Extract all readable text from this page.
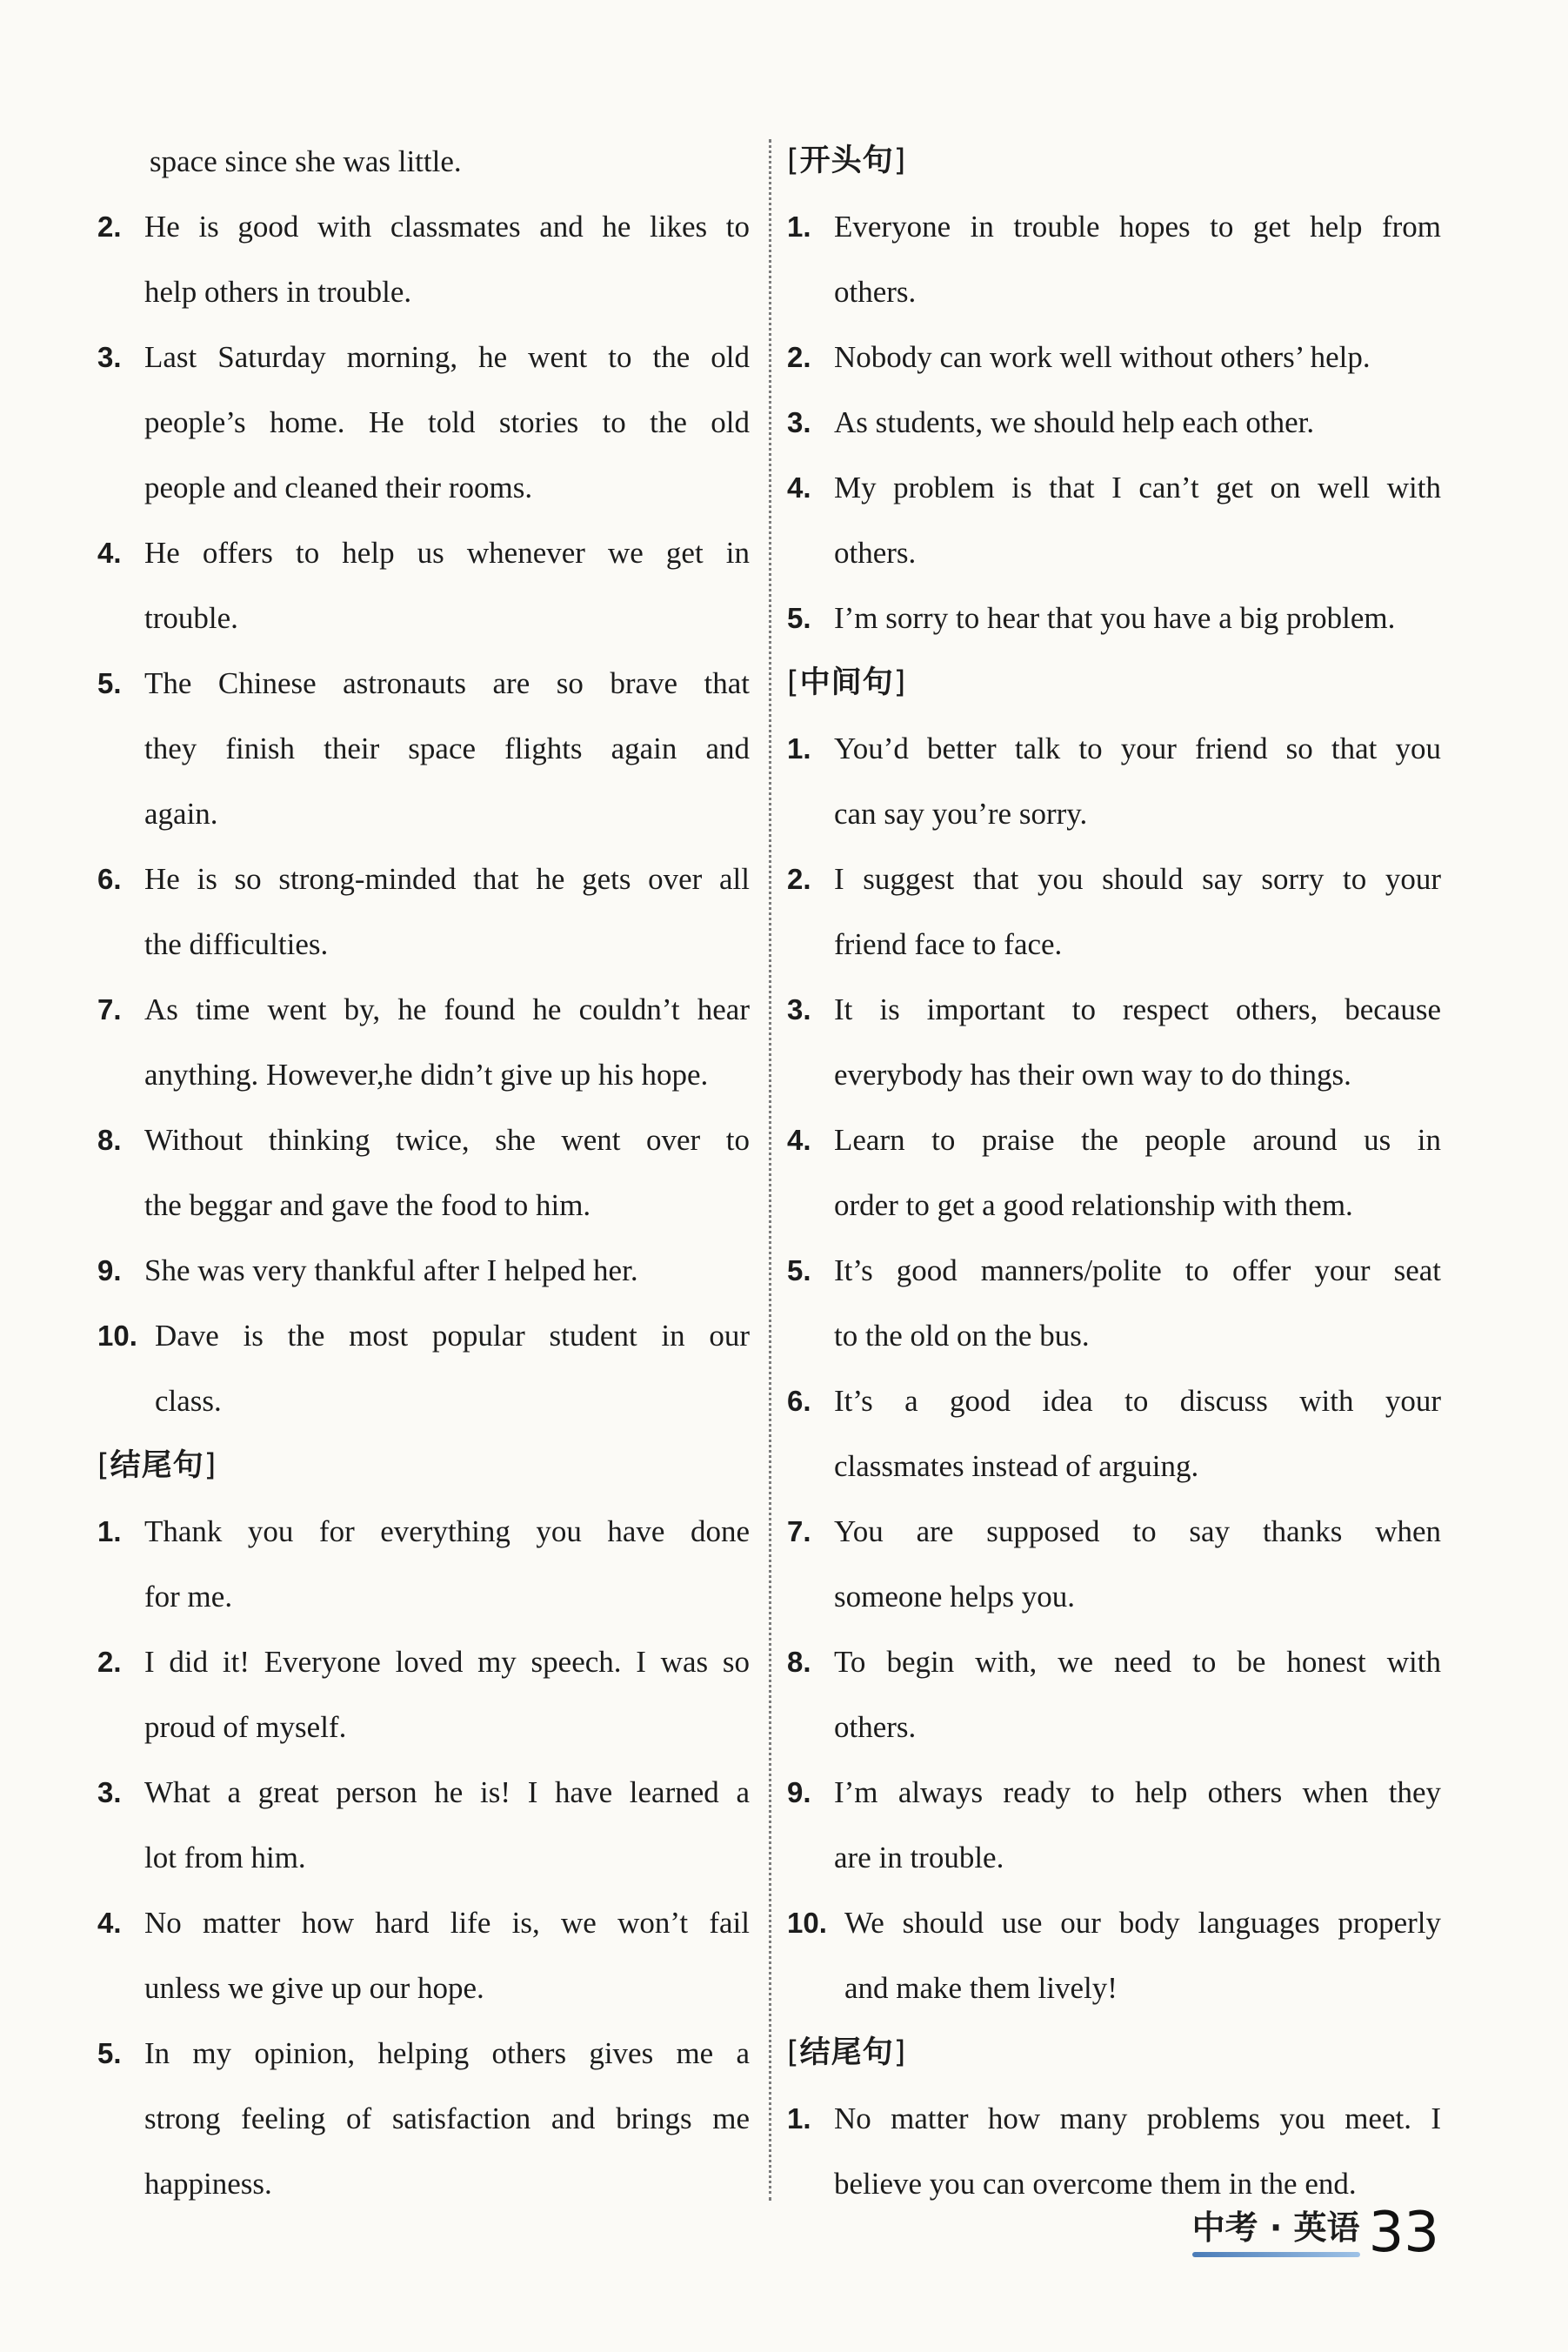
space since she was little.
2. He is good with classmates and he likes to
help others in trouble.
3. Last Saturday morning, he went to the old
people’s home. He told stories to the old
people and cleaned their rooms.
4. He offers to help us whenever we get in
trouble.
5. The Chinese astronauts are so brave that
they finish their space flights again and
again.
6. He is so strong-minded that he gets over all
the difficulties.
7. As time went by, he found he couldn’t hear
anything. However,he didn’t give up his hope.
8. Without thinking twice, she went over to
the beggar and gave the food to him.
9. She was very thankful after I helped her.
10. Dave is the most popular student in our
class.
[结尾句]
1. Thank you for everything you have done
for me.
2. I did it! Everyone loved my speech. I was so
proud of myself.
3. What a great person he is! I have learned a
lot from him.
4. No matter how hard life is, we won’t fail
unless we give up our hope.
5. In my opinion, helping others gives me a
strong feeling of satisfaction and brings me
happiness.
[开头句]
1. Everyone in trouble hopes to get help from
others.
2. Nobody can work well without others’ help.
3. As students, we should help each other.
4. My problem is that I can’t get on well with
others.
5. I’m sorry to hear that you have a big problem.
[中间句]
1. You’d better talk to your friend so that you
can say you’re sorry.
2. I suggest that you should say sorry to your
friend face to face.
3. It is important to respect others, because
everybody has their own way to do things.
4. Learn to praise the people around us in
order to get a good relationship with them.
5. It’s good manners/polite to offer your seat
to the old on the bus.
6. It’s a good idea to discuss with your
classmates instead of arguing.
7. You are supposed to say thanks when
someone helps you.
8. To begin with, we need to be honest with
others.
9. I’m always ready to help others when they
are in trouble.
10. We should use our body languages properly
and make them lively!
[结尾句]
1. No matter how many problems you meet. I
believe you can overcome them in the end.
中考 · 英语 33
